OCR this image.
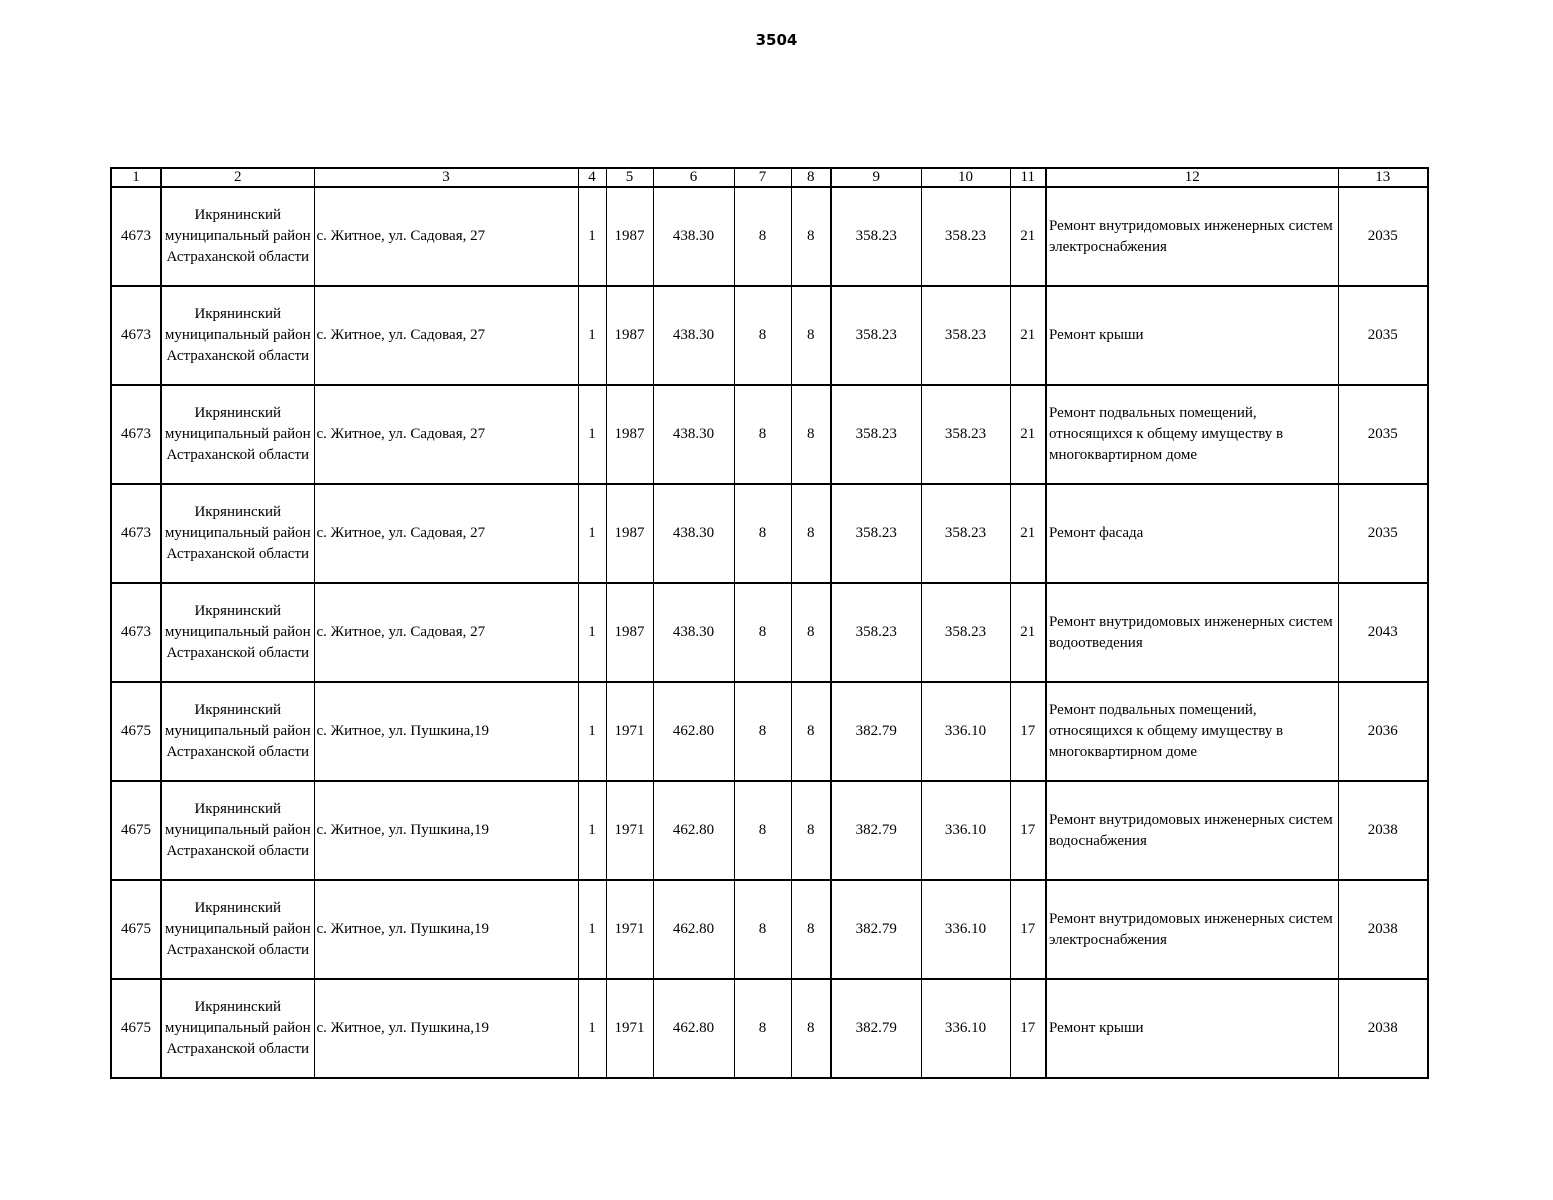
3504
1	2	3	4	5	6	7	8	9	10	11	12	13
4673	Икрянинский муниципальный район Астраханской области	с. Житное, ул. Садовая, 27	1	1987	438.30	8	8	358.23	358.23	21	Ремонт внутридомовых инженерных систем электроснабжения	2035
4673	Икрянинский муниципальный район Астраханской области	с. Житное, ул. Садовая, 27	1	1987	438.30	8	8	358.23	358.23	21	Ремонт крыши	2035
4673	Икрянинский муниципальный район Астраханской области	с. Житное, ул. Садовая, 27	1	1987	438.30	8	8	358.23	358.23	21	Ремонт подвальных помещений, относящихся к общему имуществу в многоквартирном доме	2035
4673	Икрянинский муниципальный район Астраханской области	с. Житное, ул. Садовая, 27	1	1987	438.30	8	8	358.23	358.23	21	Ремонт фасада	2035
4673	Икрянинский муниципальный район Астраханской области	с. Житное, ул. Садовая, 27	1	1987	438.30	8	8	358.23	358.23	21	Ремонт внутридомовых инженерных систем водоотведения	2043
4675	Икрянинский муниципальный район Астраханской области	с. Житное, ул. Пушкина,19	1	1971	462.80	8	8	382.79	336.10	17	Ремонт подвальных помещений, относящихся к общему имуществу в многоквартирном доме	2036
4675	Икрянинский муниципальный район Астраханской области	с. Житное, ул. Пушкина,19	1	1971	462.80	8	8	382.79	336.10	17	Ремонт внутридомовых инженерных систем водоснабжения	2038
4675	Икрянинский муниципальный район Астраханской области	с. Житное, ул. Пушкина,19	1	1971	462.80	8	8	382.79	336.10	17	Ремонт внутридомовых инженерных систем электроснабжения	2038
4675	Икрянинский муниципальный район Астраханской области	с. Житное, ул. Пушкина,19	1	1971	462.80	8	8	382.79	336.10	17	Ремонт крыши	2038
